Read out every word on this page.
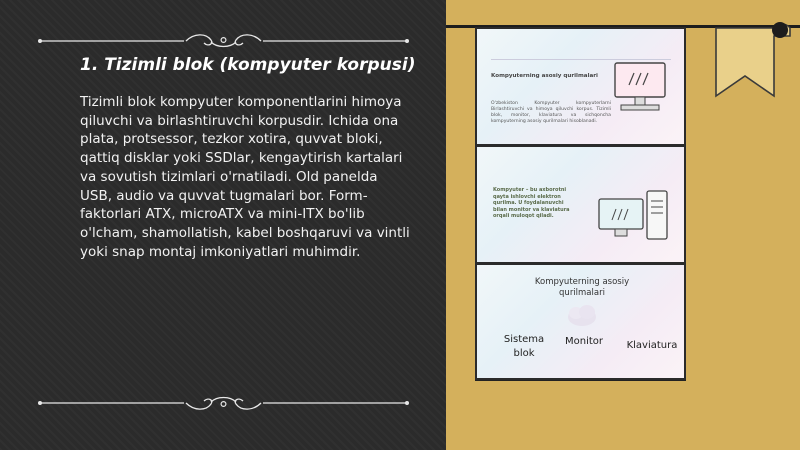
1. Tizimli blok (kompyuter korpusi)

Tizimli blok kompyuter komponentlarini himoya qiluvchi va birlashtiruvchi korpusdir. Ichida ona plata, protsessor, tezkor xotira, quvvat bloki, qattiq disklar yoki SSDlar, kengaytirish kartalari va sovutish tizimlari o'rnatiladi. Old panelda USB, audio va quvvat tugmalari bor. Form-faktorlari ATX, microATX va mini-ITX bo'lib o'lcham, shamollatish, kabel boshqaruvi va vintli yoki snap montaj imkoniyatlari muhimdir.

Kompyuterning asosiy qurilmalari
O'zbekiston Kompyuter kompyuterlarni Birlashtiruvchi va himoya qiluvchi korpus. Tizimli blok, monitor, klaviatura va sichqoncha kompyuterning asosiy qurilmalari hisoblanadi.
Kompyuter – bu axborotni qayta ishlovchi elektron qurilma. U foydalanuvchi bilan monitor va klaviatura orqali muloqot qiladi.
Kompyuterning asosiy qurilmalari
Sistema blok
Monitor	Klaviatura
